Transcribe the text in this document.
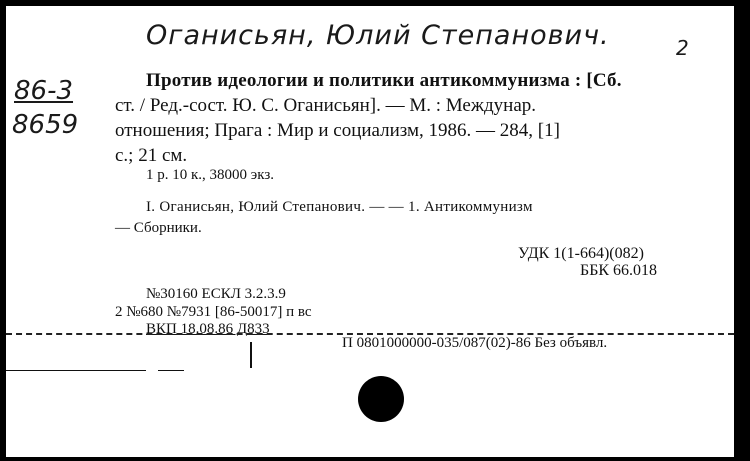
Оганисьян, Юлий Степанович.	2
86-3
8659
Против идеологии и политики антикоммунизма : [Сб.
ст. / Ред.-сост. Ю. С. Оганисьян]. — М. : Междунар.
отношения; Прага : Мир и социализм, 1986. — 284, [1]
с.; 21 см.
1 р. 10 к., 38000 экз.
I. Оганисьян, Юлий Степанович. — — 1. Антикоммунизм
— Сборники.
УДК 1(1-664)(082)
ББК 66.018
№30160 ЕСКЛ 3.2.3.9
2 №680 №7931 [86-50017] п вс
ВКП 18.08.86 Д833
П 0801000000-035/087(02)-86 Без объявл.
